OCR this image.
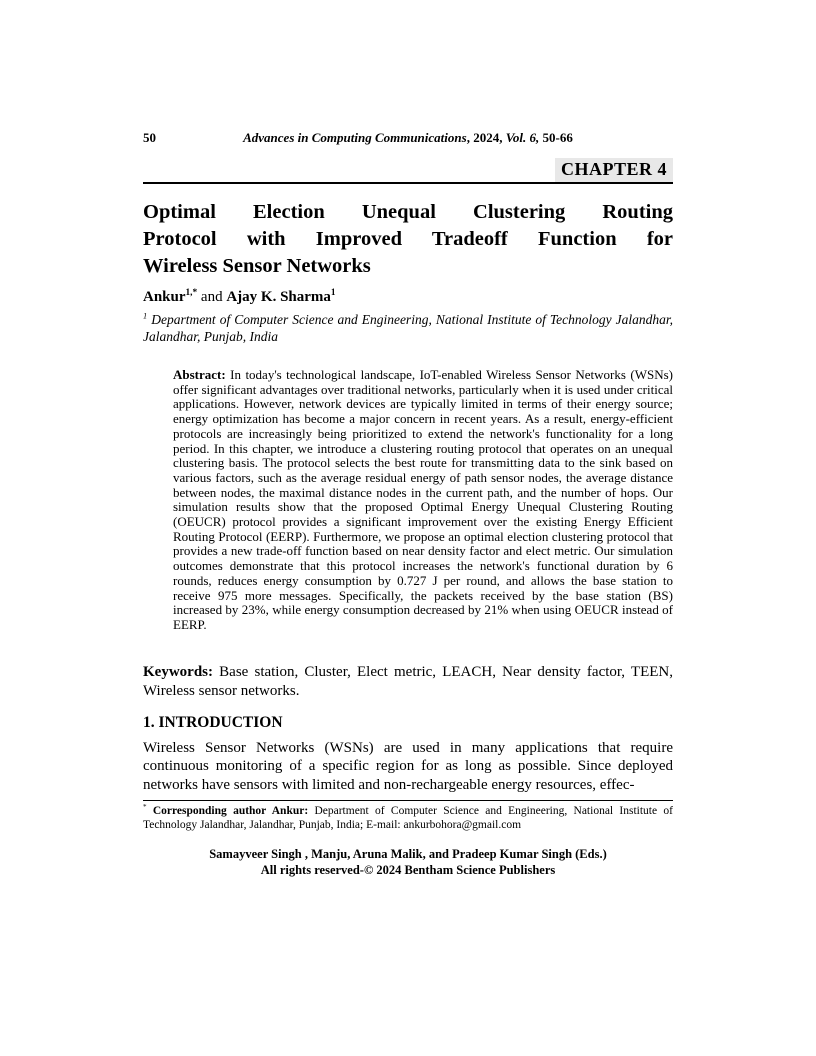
50	Advances in Computing Communications, 2024, Vol. 6, 50-66
CHAPTER 4
Optimal Election Unequal Clustering Routing
Protocol with Improved Tradeoff Function for
Wireless Sensor Networks
Ankur$^{1,*}$ and Ajay K. Sharma$^1$
$^1$ Department of Computer Science and Engineering, National Institute of Technology Jalandhar, Jalandhar, Punjab, India
Abstract: In today's technological landscape, IoT-enabled Wireless Sensor Networks (WSNs) offer significant advantages over traditional networks, particularly when it is used under critical applications. However, network devices are typically limited in terms of their energy source; energy optimization has become a major concern in recent years. As a result, energy-efficient protocols are increasingly being prioritized to extend the network's functionality for a long period. In this chapter, we introduce a clustering routing protocol that operates on an unequal clustering basis. The protocol selects the best route for transmitting data to the sink based on various factors, such as the average residual energy of path sensor nodes, the average distance between nodes, the maximal distance nodes in the current path, and the number of hops. Our simulation results show that the proposed Optimal Energy Unequal Clustering Routing (OEUCR) protocol provides a significant improvement over the existing Energy Efficient Routing Protocol (EERP). Furthermore, we propose an optimal election clustering protocol that provides a new trade-off function based on near density factor and elect metric. Our simulation outcomes demonstrate that this protocol increases the network's functional duration by 6 rounds, reduces energy consumption by 0.727 J per round, and allows the base station to receive 975 more messages. Specifically, the packets received by the base station (BS) increased by 23%, while energy consumption decreased by 21% when using OEUCR instead of EERP.
Keywords: Base station, Cluster, Elect metric, LEACH, Near density factor, TEEN, Wireless sensor networks.
1. INTRODUCTION
Wireless Sensor Networks (WSNs) are used in many applications that require continuous monitoring of a specific region for as long as possible. Since deployed networks have sensors with limited and non-rechargeable energy resources, effec-
* Corresponding author Ankur: Department of Computer Science and Engineering, National Institute of Technology Jalandhar, Jalandhar, Punjab, India; E-mail: ankurbohora@gmail.com
Samayveer Singh , Manju, Aruna Malik, and Pradeep Kumar Singh (Eds.)
All rights reserved-© 2024 Bentham Science Publishers
